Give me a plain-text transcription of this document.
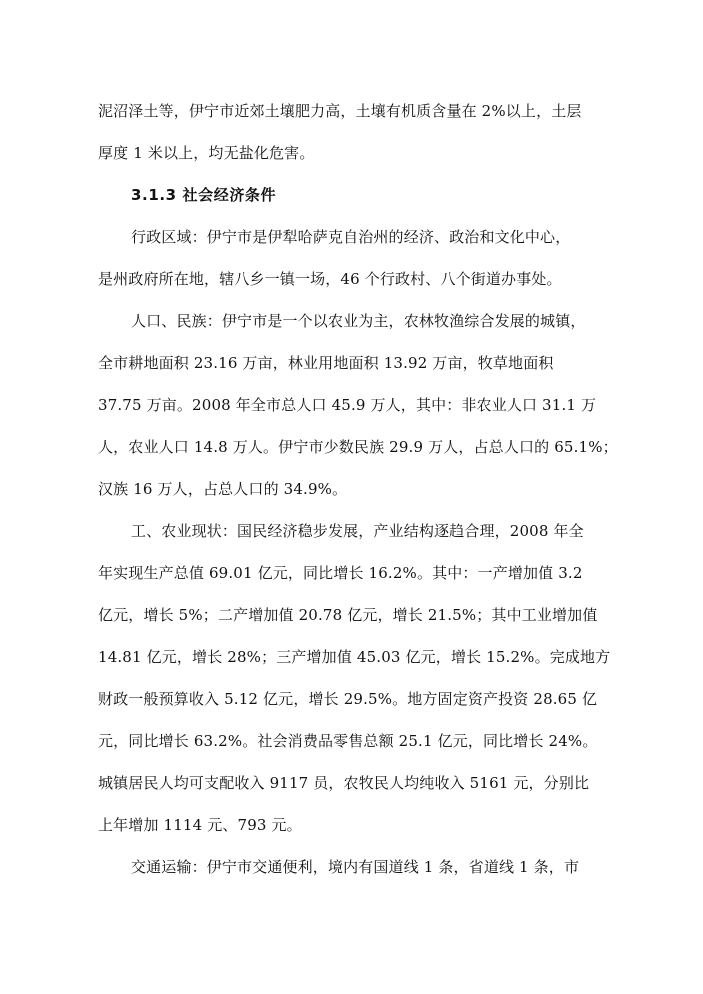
泥沼泽土等，伊宁市近郊土壤肥力高，土壤有机质含量在 2%以上，土层
厚度 1 米以上，均无盐化危害。
3.1.3 社会经济条件
行政区域：伊宁市是伊犁哈萨克自治州的经济、政治和文化中心，
是州政府所在地，辖八乡一镇一场，46 个行政村、八个街道办事处。
人口、民族：伊宁市是一个以农业为主，农林牧渔综合发展的城镇，
全市耕地面积 23.16 万亩，林业用地面积 13.92 万亩，牧草地面积
37.75 万亩。2008 年全市总人口 45.9 万人，其中：非农业人口 31.1 万
人，农业人口 14.8 万人。伊宁市少数民族 29.9 万人，占总人口的 65.1%；
汉族 16 万人，占总人口的 34.9%。
工、农业现状：国民经济稳步发展，产业结构逐趋合理，2008 年全
年实现生产总值 69.01 亿元，同比增长 16.2%。其中：一产增加值 3.2
亿元，增长 5%；二产增加值 20.78 亿元，增长 21.5%；其中工业增加值
14.81 亿元，增长 28%；三产增加值 45.03 亿元，增长 15.2%。完成地方
财政一般预算收入 5.12 亿元，增长 29.5%。地方固定资产投资 28.65 亿
元，同比增长 63.2%。社会消费品零售总额 25.1 亿元，同比增长 24%。
城镇居民人均可支配收入 9117 员，农牧民人均纯收入 5161 元，分别比
上年增加 1114 元、793 元。
交通运输：伊宁市交通便利，境内有国道线 1 条，省道线 1 条，市
